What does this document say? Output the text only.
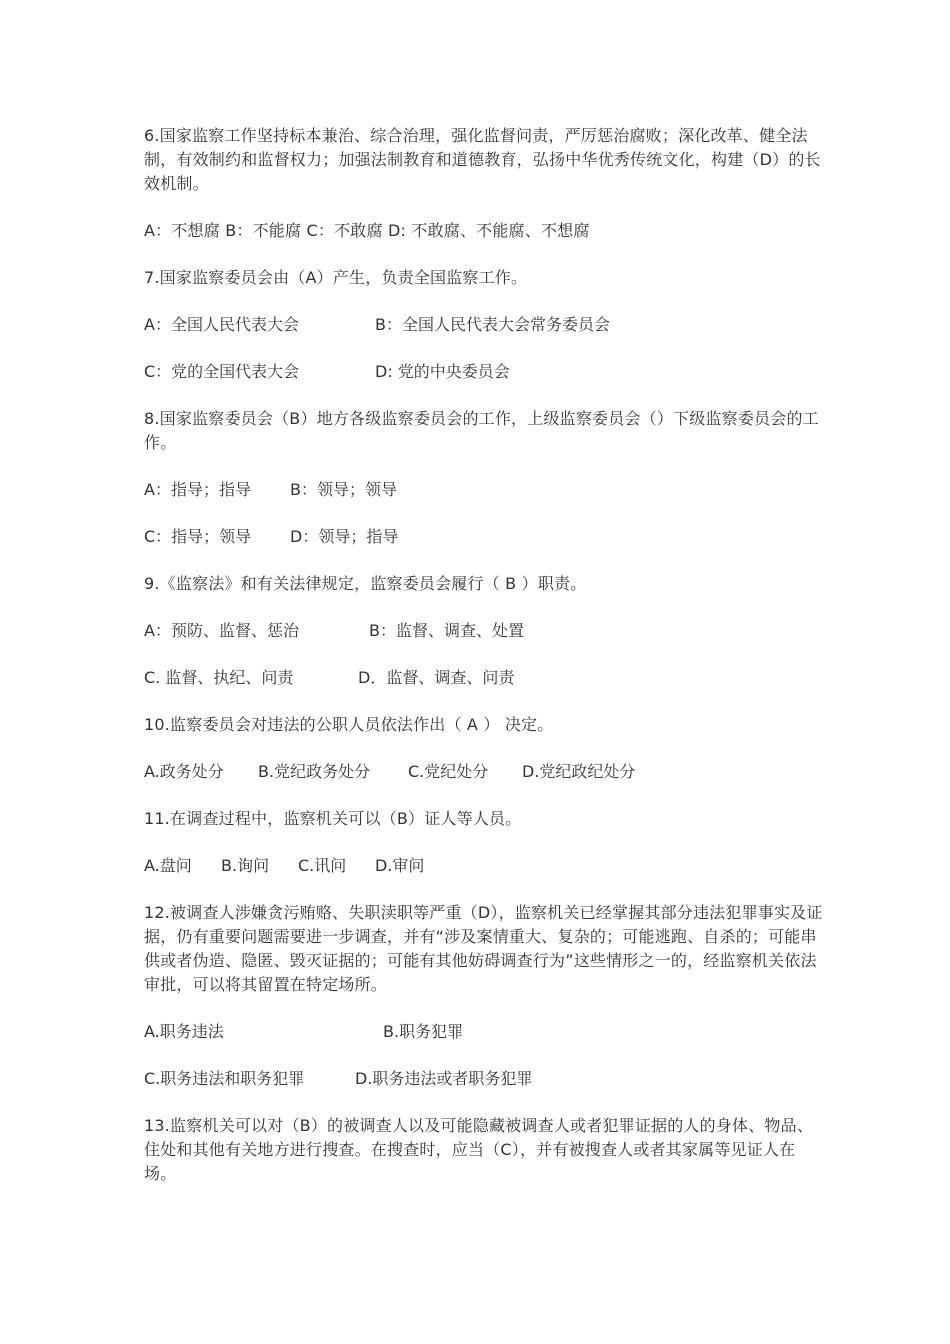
6.国家监察工作坚持标本兼治、综合治理，强化监督问责，严厉惩治腐败；深化改革、健全法制，有效制约和监督权力；加强法制教育和道德教育，弘扬中华优秀传统文化，构建（D）的长效机制。

A：不想腐 B：不能腐 C：不敢腐 D: 不敢腐、不能腐、不想腐

7.国家监察委员会由（A）产生，负责全国监察工作。

A：全国人民代表大会	B：全国人民代表大会常务委员会
C：党的全国代表大会	D: 党的中央委员会

8.国家监察委员会（B）地方各级监察委员会的工作，上级监察委员会（）下级监察委员会的工作。

A：指导；指导	B：领导；领导
C：指导；领导	D：领导；指导

9.《监察法》和有关法律规定，监察委员会履行（ B ）职责。

A：预防、监督、惩治	B：监督、调查、处置
C. 监督、执纪、问责	D．监督、调查、问责

10.监察委员会对违法的公职人员依法作出（ A ） 决定。

A.政务处分	B.党纪政务处分	C.党纪处分	D.党纪政纪处分

11.在调查过程中，监察机关可以（B）证人等人员。

A.盘问	B.询问	C.讯问	D.审问

12.被调查人涉嫌贪污贿赂、失职渎职等严重（D），监察机关已经掌握其部分违法犯罪事实及证据，仍有重要问题需要进一步调查，并有“涉及案情重大、复杂的；可能逃跑、自杀的；可能串供或者伪造、隐匿、毁灭证据的；可能有其他妨碍调查行为”这些情形之一的，经监察机关依法审批，可以将其留置在特定场所。

A.职务违法	B.职务犯罪
C.职务违法和职务犯罪	D.职务违法或者职务犯罪

13.监察机关可以对（B）的被调查人以及可能隐藏被调查人或者犯罪证据的人的身体、物品、住处和其他有关地方进行搜查。在搜查时，应当（C），并有被搜查人或者其家属等见证人在场。
